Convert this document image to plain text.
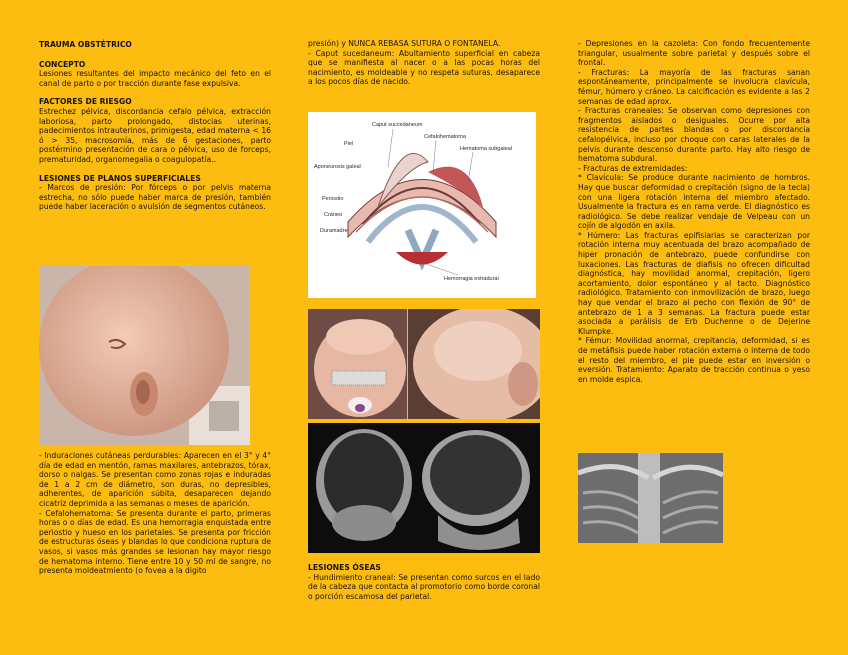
TRAUMA OBSTÉTRICO

CONCEPTO

Lesiones resultantes del impacto mecánico del feto en el canal de parto o por tracción durante fase expulsiva.

FACTORES DE RIESGO

Estrechez pélvica, discordancia cefalo pélvica, extracción laboriosa, parto prolongado, distocias uterinas, padecimientos intrauterinos, primigesta, edad materna < 16 ó > 35, macrosomía, más de 6 gestaciones, parto postérmino presentación de cara o pélvica, uso de forceps, prematuridad, organomegalia o coagulopatía..

LESIONES DE PLANOS SUPERFICIALES

- Marcos de presión: Por fórceps o por pelvis materna estrecha, no sólo puede haber marca de presión, también puede haber laceración o avulsión de segmentos cutáneos.

- Induraciones cutáneas perdurables: Aparecen en el 3° y 4° día de edad en mentón, ramas maxilares, antebrazos, tórax, dorso o nalgas. Se presentan como zonas rojas e induradas de 1 a 2 cm de diámetro, son duras, no depresibles, adherentes, de aparición súbita, desaparecen dejando cicatriz deprimida a las semanas o meses de aparición.

- Cefalohematoma: Se presenta durante el parto, primeras horas o o días de edad. Es una hemorragia enquistada entre periostio y hueso en los parietales. Se presenta por fricción de estructuras óseas y blandas lo que condiciona ruptura de vasos, si vasos más grandes se lesionan hay mayor riesgo de hematoma interno. Tiene entre 10 y 50 ml de sangre, no presenta moldeatmiento (o fovea a la digito

presión) y NUNCA REBASA SUTURA O FONTANELA.

- Caput sucedaneum: Abultamiento superficial en cabeza que se manifiesta al nacer o a las pocas horas del nacimiento, es moldeable y no respeta suturas, desaparece a los pocos días de nacido.

Caput succedaneum
Cefalohematoma
Hematoma subgaleal
Piel
Aponeurosis galeal
Periostio
Cráneo
Duramadre
Hemorragia extradural

LESIONES ÓSEAS

- Hundimiento craneal: Se presentan como surcos en el lado de la cabeza que contacta al promotorio como borde coronal o porción escamosa del parietal.

- Depresiones en la cazoleta: Con fondo frecuentemente triangular, usualmente sobre parietal y después sobre el frontal.

- Fracturas: La mayoría de las fracturas sanan espontáneamente, principalmente se involucra clavícula, fémur, húmero y cráneo. La calcificación es evidente a las 2 semanas de edad aprox.

- Fracturas craneales: Se observan como depresiones con fragmentos aislados o desiguales. Ocurre por alta resistencia de partes blandas o por discordancia cefalopélvica, incluso por choque con caras laterales de la pelvis durante descenso durante parto. Hay alto riesgo de hematoma subdural.

- Fracturas de extremidades:

* Clavícula: Se produce durante nacimiento de hombros. Hay que buscar deformidad o crepitación (signo de la tecla) con una ligera rotación interna del miembro afectado. Usualmente la fractura es en rama verde. El diagnóstico es radiológico. Se debe realizar vendaje de Velpeau con un cojín de algodón en axila.

* Húmero: Las fracturas epifisiarias se caracterizan por rotación interna muy acentuada del brazo acompañado de hiper pronación de antebrazo, puede confundirse con luxaciones. Las fracturas de diafisis no ofrecen dificultad diagnóstica, hay movilidad anormal, crepitación, ligero acortamiento, dolor espontáneo y al tacto. Diagnóstico radiológico. Tratamiento con inmovilización de brazo, luego hay que vendar el brazo al pecho con flexión de 90° de antebrazo de 1 a 3 semanas. La fractura puede estar asociada a parálisis de Erb Duchenne o de Dejerine Klumpke.

* Fémur: Movilidad anormal, crepitancia, deformidad, si es de metáfisis puede haber rotación externa o interna de todo el resto del miembro, el pie puede estar en inversión o eversión. Tratamiento: Aparato de tracción continua o yeso en molde espica.
